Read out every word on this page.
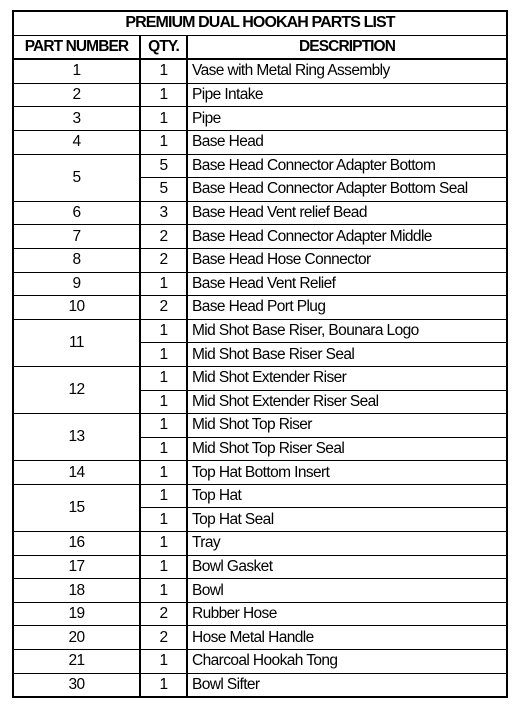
PREMIUM DUAL HOOKAH PARTS LIST		
PART NUMBER	QTY.	DESCRIPTION
1	1	Vase with Metal Ring Assembly
2	1	Pipe Intake
3	1	Pipe
4	1	Base Head
5	5	Base Head Connector Adapter Bottom
	5	Base Head Connector Adapter Bottom Seal
6	3	Base Head Vent relief Bead
7	2	Base Head Connector Adapter Middle
8	2	Base Head Hose Connector
9	1	Base Head Vent Relief
10	2	Base Head Port Plug
11	1	Mid Shot Base Riser, Bounara Logo
	1	Mid Shot Base Riser Seal
12	1	Mid Shot Extender Riser
	1	Mid Shot Extender Riser Seal
13	1	Mid Shot Top Riser
	1	Mid Shot Top Riser Seal
14	1	Top Hat Bottom Insert
15	1	Top Hat
	1	Top Hat Seal
16	1	Tray
17	1	Bowl Gasket
18	1	Bowl
19	2	Rubber Hose
20	2	Hose Metal Handle
21	1	Charcoal Hookah Tong
30	1	Bowl Sifter
